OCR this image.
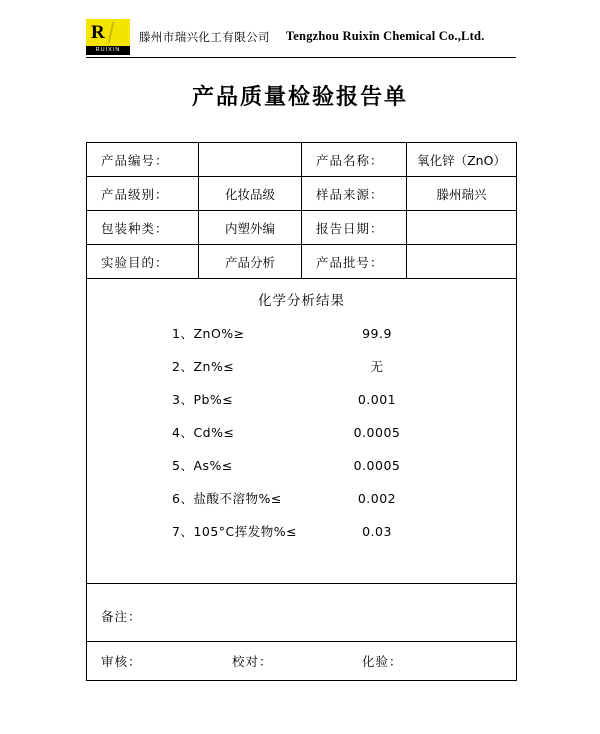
R
RUIXIN
滕州市瑞兴化工有限公司 Tengzhou Ruixin Chemical Co.,Ltd.
产品质量检验报告单
产品编号：		产品名称：	氧化锌（ZnO）
产品级别：	化妆品级	样品来源：	滕州瑞兴
包装种类：	内塑外编	报告日期：	
实验目的：	产品分析	产品批号：	

化学分析结果
1、ZnO%≥	99.9
2、Zn%≤	无
3、Pb%≤	0.001
4、Cd%≤	0.0005
5、As%≤	0.0005
6、盐酸不溶物%≤	0.002
7、105°C挥发物%≤	0.03

备注：			

审核： 校对： 化验：			
